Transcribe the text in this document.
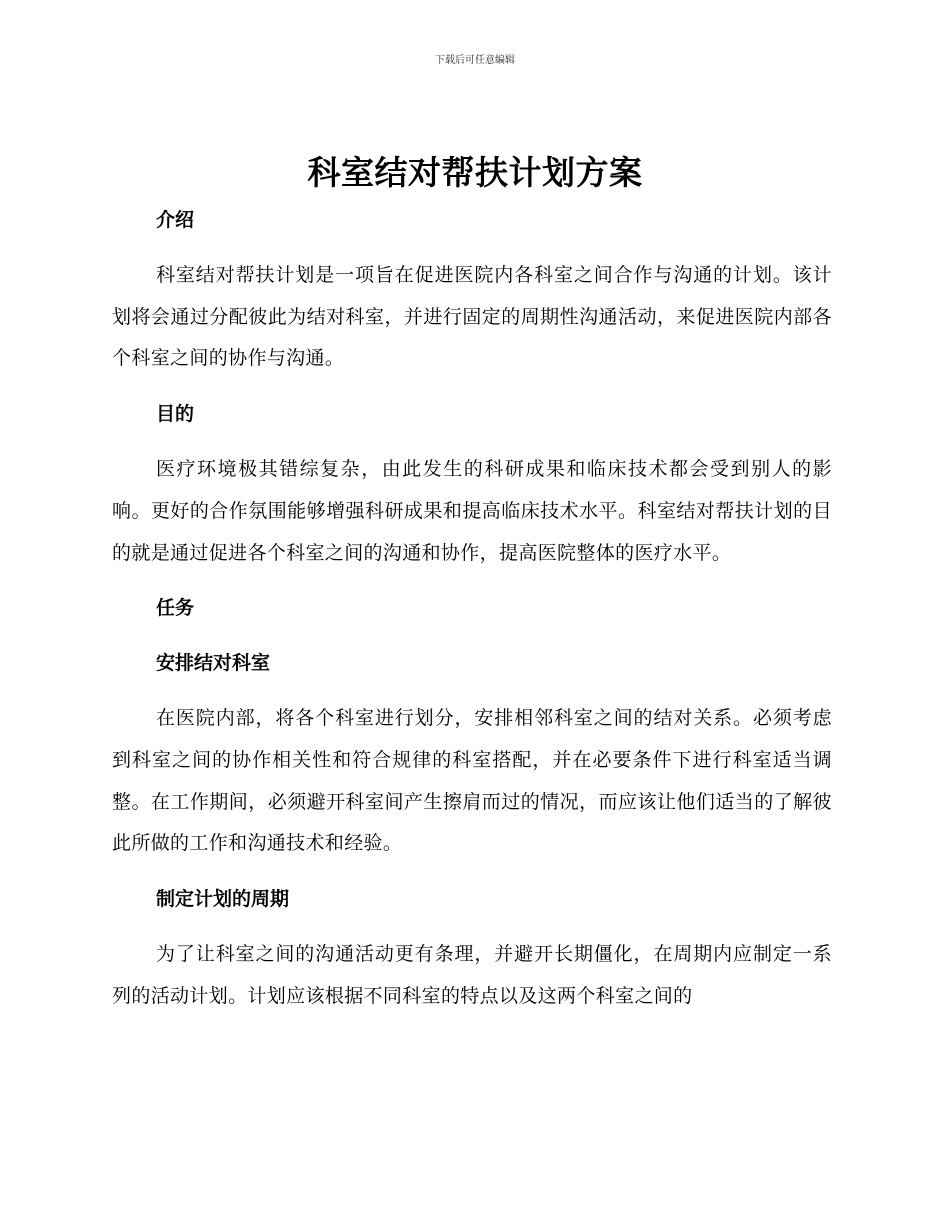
下载后可任意编辑
科室结对帮扶计划方案
介绍

科室结对帮扶计划是一项旨在促进医院内各科室之间合作与沟通的计划。该计划将会通过分配彼此为结对科室，并进行固定的周期性沟通活动，来促进医院内部各个科室之间的协作与沟通。

目的

医疗环境极其错综复杂，由此发生的科研成果和临床技术都会受到别人的影响。更好的合作氛围能够增强科研成果和提高临床技术水平。科室结对帮扶计划的目的就是通过促进各个科室之间的沟通和协作，提高医院整体的医疗水平。

任务
安排结对科室

在医院内部，将各个科室进行划分，安排相邻科室之间的结对关系。必须考虑到科室之间的协作相关性和符合规律的科室搭配，并在必要条件下进行科室适当调整。在工作期间，必须避开科室间产生擦肩而过的情况，而应该让他们适当的了解彼此所做的工作和沟通技术和经验。

制定计划的周期

为了让科室之间的沟通活动更有条理，并避开长期僵化，在周期内应制定一系列的活动计划。计划应该根据不同科室的特点以及这两个科室之间的
